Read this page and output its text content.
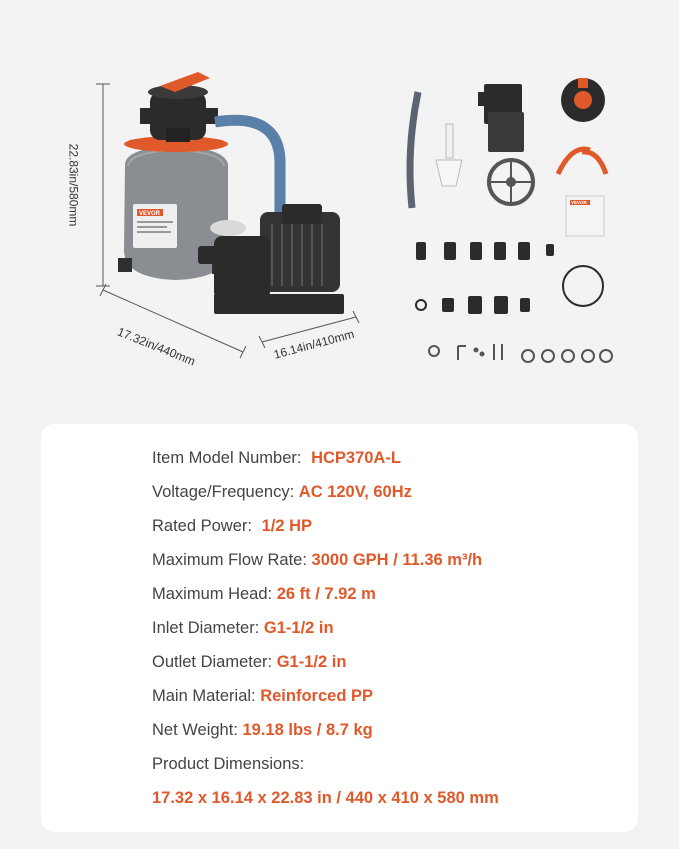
VEVOR
VEVOR
22.83in/580mm
17.32in/440mm	16.14in/410mm
Item Model Number: HCP370A-L
Voltage/Frequency: AC 120V, 60Hz
Rated Power: 1/2 HP
Maximum Flow Rate: 3000 GPH / 11.36 m³/h
Maximum Head: 26 ft / 7.92 m
Inlet Diameter: G1-1/2 in
Outlet Diameter: G1-1/2 in
Main Material: Reinforced PP
Net Weight: 19.18 lbs / 8.7 kg
Product Dimensions:
17.32 x 16.14 x 22.83 in / 440 x 410 x 580 mm
